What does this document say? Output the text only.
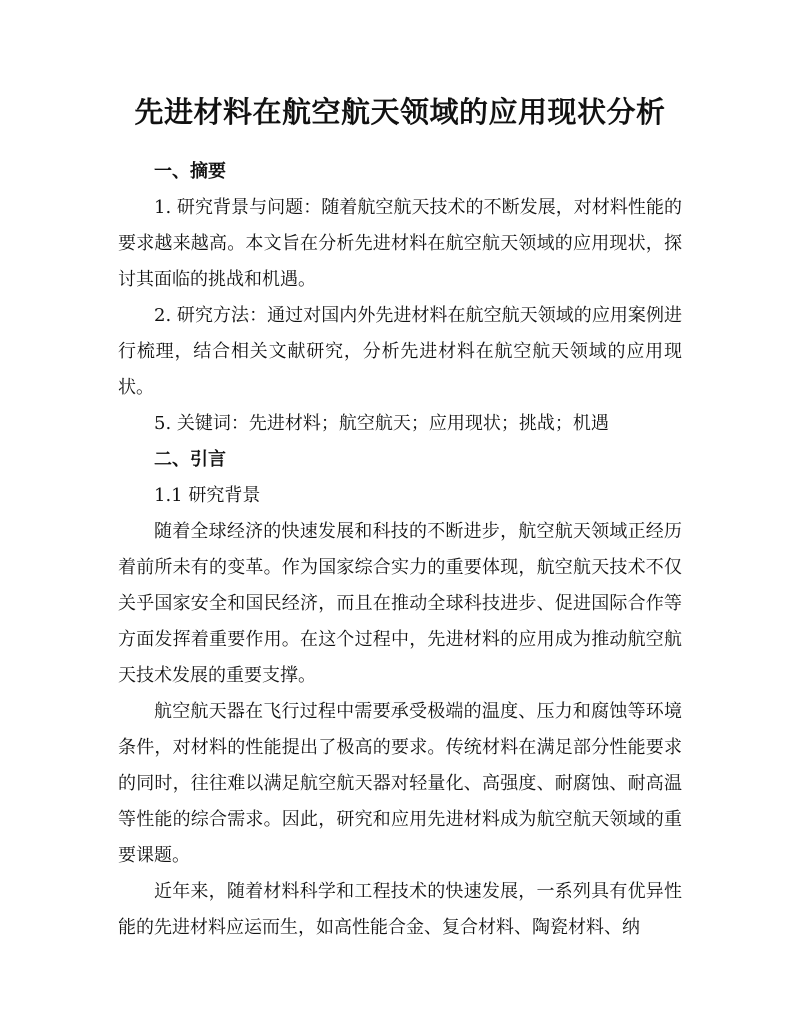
先进材料在航空航天领域的应用现状分析

一、摘要

1. 研究背景与问题：随着航空航天技术的不断发展，对材料性能的要求越来越高。本文旨在分析先进材料在航空航天领域的应用现状，探讨其面临的挑战和机遇。

2. 研究方法：通过对国内外先进材料在航空航天领域的应用案例进行梳理，结合相关文献研究，分析先进材料在航空航天领域的应用现状。

5. 关键词：先进材料；航空航天；应用现状；挑战；机遇

二、引言

1.1 研究背景

随着全球经济的快速发展和科技的不断进步，航空航天领域正经历着前所未有的变革。作为国家综合实力的重要体现，航空航天技术不仅关乎国家安全和国民经济，而且在推动全球科技进步、促进国际合作等方面发挥着重要作用。在这个过程中，先进材料的应用成为推动航空航天技术发展的重要支撑。

航空航天器在飞行过程中需要承受极端的温度、压力和腐蚀等环境条件，对材料的性能提出了极高的要求。传统材料在满足部分性能要求的同时，往往难以满足航空航天器对轻量化、高强度、耐腐蚀、耐高温等性能的综合需求。因此，研究和应用先进材料成为航空航天领域的重要课题。

近年来，随着材料科学和工程技术的快速发展，一系列具有优异性能的先进材料应运而生，如高性能合金、复合材料、陶瓷材料、纳
